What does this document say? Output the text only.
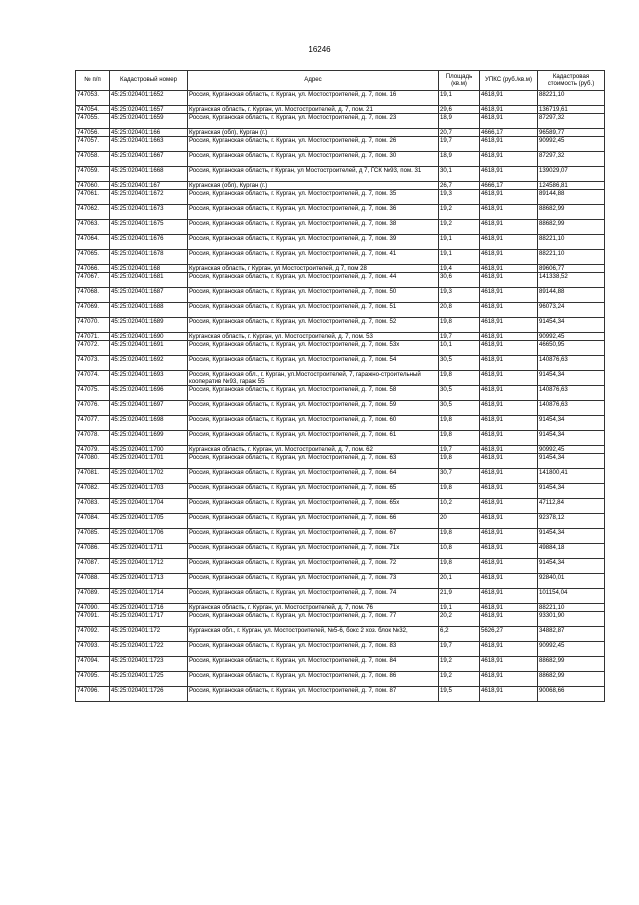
16246
№ п/п	Кадастровый номер	Адрес	Площадь (кв.м)	УПКС (руб./кв.м)	Кадастровая стоимость (руб.)
747053.	45:25:020401:1652	Россия, Курганская область, г. Курган, ул. Мостостроителей, д. 7, пом. 16	19,1	4618,91	88221,10
747054.	45:25:020401:1657	Курганская область, г. Курган, ул. Мостостроителей, д. 7, пом. 21	29,6	4618,91	136719,61
747055.	45:25:020401:1659	Россия, Курганская область, г. Курган, ул. Мостостроителей, д. 7, пом. 23	18,9	4618,91	87297,32
747056.	45:25:020401:166	Курганская (обл), Курган (г.)	20,7	4666,17	96589,77
747057.	45:25:020401:1663	Россия, Курганская область, г. Курган, ул. Мостостроителей, д. 7, пом. 26	19,7	4618,91	90992,45
747058.	45:25:020401:1667	Россия, Курганская область, г. Курган, ул. Мостостроителей, д. 7, пом. 30	18,9	4618,91	87297,32
747059.	45:25:020401:1668	Россия, Курганская область, г Курган, ул Мостостроителей, д 7, ГСК №93, пом. 31	30,1	4618,91	139029,07
747060.	45:25:020401:167	Курганская (обл), Курган (г.)	26,7	4666,17	124586,81
747061.	45:25:020401:1672	Россия, Курганская область, г. Курган, ул. Мостостроителей, д. 7, пом. 35	19,3	4618,91	89144,88
747062.	45:25:020401:1673	Россия, Курганская область, г. Курган, ул. Мостостроителей, д. 7, пом. 36	19,2	4618,91	88682,99
747063.	45:25:020401:1675	Россия, Курганская область, г. Курган, ул. Мостостроителей, д. 7, пом. 38	19,2	4618,91	88682,99
747064.	45:25:020401:1676	Россия, Курганская область, г. Курган, ул. Мостостроителей, д. 7, пом. 39	19,1	4618,91	88221,10
747065.	45:25:020401:1678	Россия, Курганская область, г. Курган, ул. Мостостроителей, д. 7, пом. 41	19,1	4618,91	88221,10
747066.	45:25:020401:168	Курганская область, г Курган, ул Мостостроителей, д 7, пом 28	19,4	4618,91	89606,77
747067.	45:25:020401:1681	Россия, Курганская область, г. Курган, ул. Мостостроителей, д. 7, пом. 44	30,6	4618,91	141338,52
747068.	45:25:020401:1687	Россия, Курганская область, г. Курган, ул. Мостостроителей, д. 7, пом. 50	19,3	4618,91	89144,88
747069.	45:25:020401:1688	Россия, Курганская область, г. Курган, ул. Мостостроителей, д. 7, пом. 51	20,8	4618,91	96073,24
747070.	45:25:020401:1689	Россия, Курганская область, г. Курган, ул. Мостостроителей, д. 7, пом. 52	19,8	4618,91	91454,34
747071.	45:25:020401:1690	Курганская область, г. Курган, ул. Мостостроителей, д. 7, пом. 53	19,7	4618,91	90992,45
747072.	45:25:020401:1691	Россия, Курганская область, г. Курган, ул. Мостостроителей, д. 7, пом. 53х	10,1	4618,91	46650,95
747073.	45:25:020401:1692	Россия, Курганская область, г. Курган, ул. Мостостроителей, д. 7, пом. 54	30,5	4618,91	140876,63
747074.	45:25:020401:1693	Россия, Курганская обл., г. Курган, ул.Мостостроителей, 7, гаражно-строительный кооператив №93, гараж 55	19,8	4618,91	91454,34
747075.	45:25:020401:1696	Россия, Курганская область, г. Курган, ул. Мостостроителей, д. 7, пом. 58	30,5	4618,91	140876,63
747076.	45:25:020401:1697	Россия, Курганская область, г. Курган, ул. Мостостроителей, д. 7, пом. 59	30,5	4618,91	140876,63
747077.	45:25:020401:1698	Россия, Курганская область, г. Курган, ул. Мостостроителей, д. 7, пом. 60	19,8	4618,91	91454,34
747078.	45:25:020401:1699	Россия, Курганская область, г. Курган, ул. Мостостроителей, д. 7, пом. 61	19,8	4618,91	91454,34
747079.	45:25:020401:1700	Курганская область, г. Курган, ул. Мостостроителей, д. 7, пом. 62	19,7	4618,91	90992,45
747080.	45:25:020401:1701	Россия, Курганская область, г. Курган, ул. Мостостроителей, д. 7, пом. 63	19,8	4618,91	91454,34
747081.	45:25:020401:1702	Россия, Курганская область, г. Курган, ул. Мостостроителей, д. 7, пом. 64	30,7	4618,91	141800,41
747082.	45:25:020401:1703	Россия, Курганская область, г. Курган, ул. Мостостроителей, д. 7, пом. 65	19,8	4618,91	91454,34
747083.	45:25:020401:1704	Россия, Курганская область, г. Курган, ул. Мостостроителей, д. 7, пом. 65х	10,2	4618,91	47112,84
747084.	45:25:020401:1705	Россия, Курганская область, г. Курган, ул. Мостостроителей, д. 7, пом. 66	20	4618,91	92378,12
747085.	45:25:020401:1706	Россия, Курганская область, г. Курган, ул. Мостостроителей, д. 7, пом. 67	19,8	4618,91	91454,34
747086.	45:25:020401:1711	Россия, Курганская область, г. Курган, ул. Мостостроителей, д. 7, пом. 71х	10,8	4618,91	49884,18
747087.	45:25:020401:1712	Россия, Курганская область, г. Курган, ул. Мостостроителей, д. 7, пом. 72	19,8	4618,91	91454,34
747088.	45:25:020401:1713	Россия, Курганская область, г. Курган, ул. Мостостроителей, д. 7, пом. 73	20,1	4618,91	92840,01
747089.	45:25:020401:1714	Россия, Курганская область, г. Курган, ул. Мостостроителей, д. 7, пом. 74	21,9	4618,91	101154,04
747090.	45:25:020401:1716	Курганская область, г. Курган, ул. Мостостроителей, д. 7, пом. 76	19,1	4618,91	88221,10
747091.	45:25:020401:1717	Россия, Курганская область, г. Курган, ул. Мостостроителей, д. 7, пом. 77	20,2	4618,91	93301,90
747092.	45:25:020401:172	Курганская обл., г. Курган, ул. Мостостроителей, №5-6, бокс 2 хоз. блок №32,	6,2	5626,27	34882,87
747093.	45:25:020401:1722	Россия, Курганская область, г. Курган, ул. Мостостроителей, д. 7, пом. 83	19,7	4618,91	90992,45
747094.	45:25:020401:1723	Россия, Курганская область, г. Курган, ул. Мостостроителей, д. 7, пом. 84	19,2	4618,91	88682,99
747095.	45:25:020401:1725	Россия, Курганская область, г. Курган, ул. Мостостроителей, д. 7, пом. 86	19,2	4618,91	88682,99
747096.	45:25:020401:1726	Россия, Курганская область, г. Курган, ул. Мостостроителей, д. 7, пом. 87	19,5	4618,91	90068,66
